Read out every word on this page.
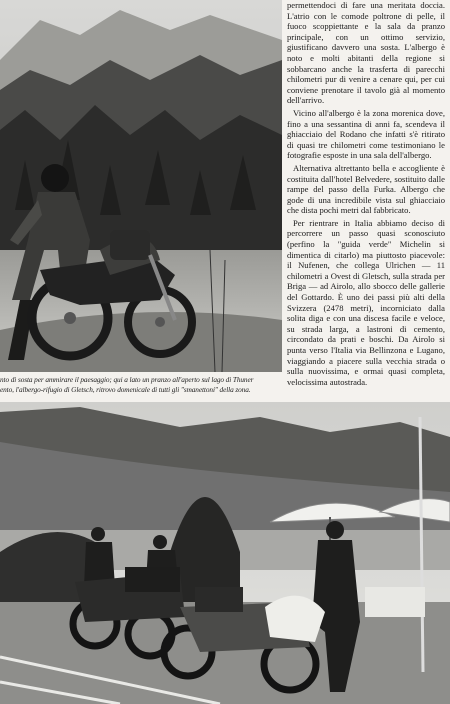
nto di sosta per ammirare il paesaggio; qui a lato un pranzo all'aperto sul lago di Thuner
ento, l'albergo-rifugio di Gletsch, ritrovo domenicale di tutti gli "smanettoni" della zona.

permettendoci di fare una meritata doccia. L'atrio con le comode poltrone di pelle, il fuoco scoppiettante e la sala da pranzo principale, con un ottimo servizio, giustificano davvero una sosta. L'albergo è noto e molti abitanti della regione si sobbarcano anche la trasferta di parecchi chilometri pur di venire a cenare qui, per cui conviene prenotare il tavolo già al momento dell'arrivo.

Vicino all'albergo è la zona morenica dove, fino a una sessantina di anni fa, scendeva il ghiacciaio del Rodano che infatti s'è ritirato di quasi tre chilometri come testimoniano le fotografie esposte in una sala dell'albergo.

Alternativa altrettanto bella e accogliente è costituita dall'hotel Belvedere, sostituito dalle rampe del passo della Furka. Albergo che gode di una incredibile vista sul ghiacciaio che dista pochi metri dal fabbricato.

Per rientrare in Italia abbiamo deciso di percorrere un passo quasi sconosciuto (perfino la "guida verde" Michelin si dimentica di citarlo) ma piuttosto piacevole: il Nufenen, che collega Ulrichen — 11 chilometri a Ovest di Gletsch, sulla strada per Briga — ad Airolo, allo sbocco delle gallerie del Gottardo. È uno dei passi più alti della Svizzera (2478 metri), incorniciato dalla solita diga e con una discesa facile e veloce, su strada larga, a lastroni di cemento, circondato da prati e boschi. Da Airolo si punta verso l'Italia via Bellinzona e Lugano, viaggiando a piacere sulla vecchia strada o sulla nuovissima, e ormai quasi completa, velocissima autostrada.
